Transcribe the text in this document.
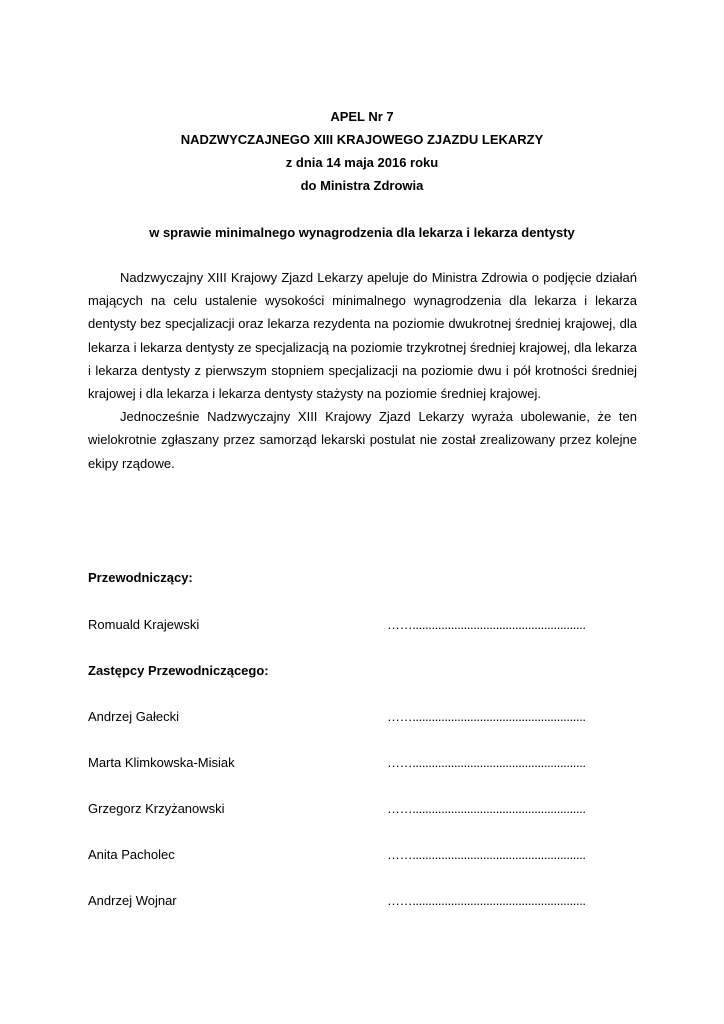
APEL Nr 7

NADZWYCZAJNEGO XIII KRAJOWEGO ZJAZDU LEKARZY

z dnia 14 maja 2016 roku

do Ministra Zdrowia

w sprawie minimalnego wynagrodzenia dla lekarza i lekarza dentysty

Nadzwyczajny XIII Krajowy Zjazd Lekarzy apeluje do Ministra Zdrowia o podjęcie działań mających na celu ustalenie wysokości minimalnego wynagrodzenia dla lekarza i lekarza dentysty bez specjalizacji oraz lekarza rezydenta na poziomie dwukrotnej średniej krajowej, dla lekarza i lekarza dentysty ze specjalizacją na poziomie trzykrotnej średniej krajowej, dla lekarza i lekarza dentysty z pierwszym stopniem specjalizacji na poziomie dwu i pół krotności średniej krajowej i dla lekarza i lekarza dentysty stażysty na poziomie średniej krajowej.

Jednocześnie Nadzwyczajny XIII Krajowy Zjazd Lekarzy wyraża ubolewanie, że ten wielokrotnie zgłaszany przez samorząd lekarski postulat nie został zrealizowany przez kolejne ekipy rządowe.

Przewodniczący:

Romuald Krajewski	……......................................................

Zastępcy Przewodniczącego:

Andrzej Gałecki	……......................................................
Marta Klimkowska-Misiak	……......................................................
Grzegorz Krzyżanowski	……......................................................
Anita Pacholec	……......................................................
Andrzej Wojnar	……......................................................
